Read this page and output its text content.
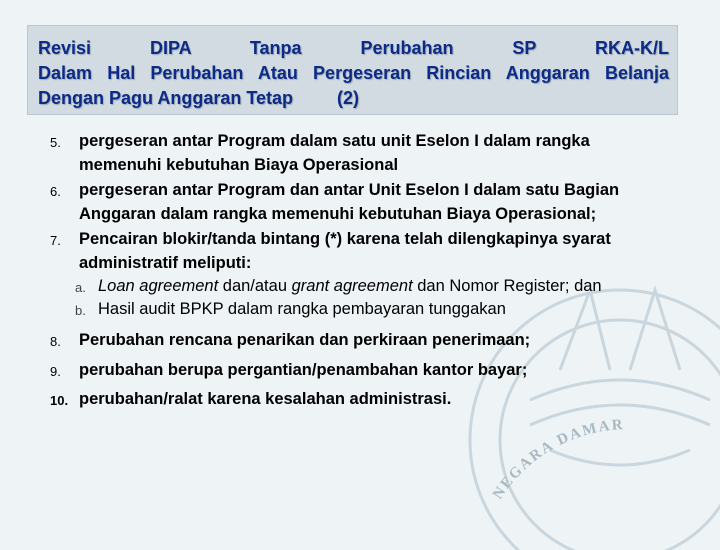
NEGARA DAMAR
Revisi	DIPA	Tanpa	Perubahan	SP	RKA-K/L
Dalam Hal Perubahan Atau Pergeseran Rincian Anggaran Belanja
Dengan Pagu Anggaran Tetap (2)
5. pergeseran antar Program dalam satu unit Eselon I dalam rangka
memenuhi kebutuhan Biaya Operasional
6. pergeseran antar Program dan antar Unit Eselon I dalam satu Bagian
Anggaran dalam rangka memenuhi kebutuhan Biaya Operasional;
7. Pencairan blokir/tanda bintang (*) karena telah dilengkapinya syarat
administratif meliputi:
a. Loan agreement dan/atau grant agreement dan Nomor Register; dan
b. Hasil audit BPKP dalam rangka pembayaran tunggakan
8. Perubahan rencana penarikan dan perkiraan penerimaan;
9. perubahan berupa pergantian/penambahan kantor bayar;
10. perubahan/ralat karena kesalahan administrasi.
